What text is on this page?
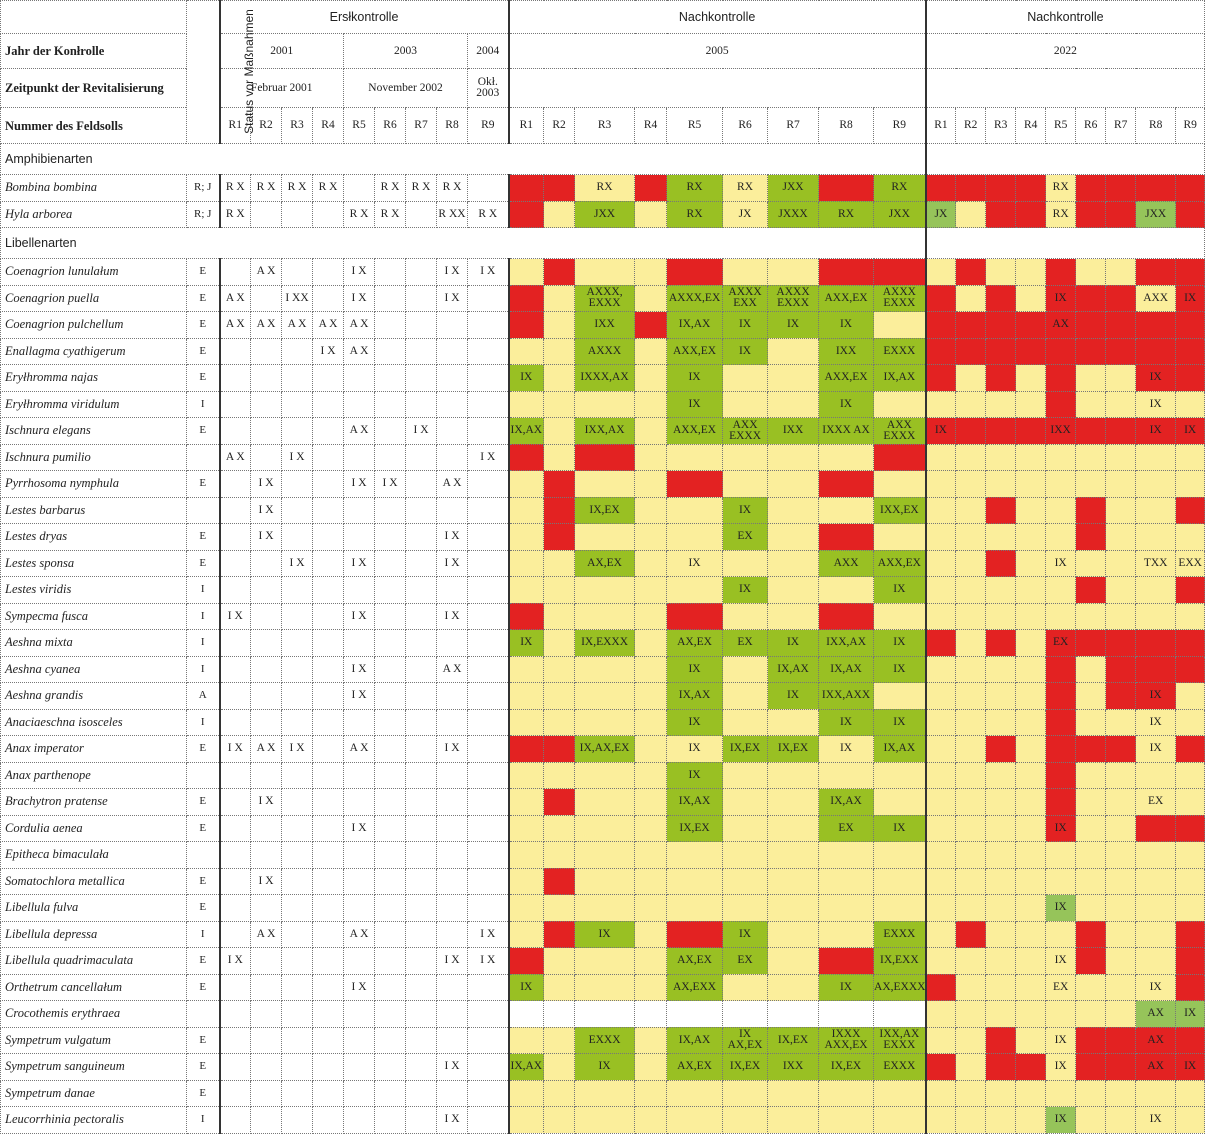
	Status vor Maßnahmen	Ersłkontrolle									Nachkontrolle									Nachkontrolle								
Jahr der Konłrolle		2001				2003				2004	2005									2022								
Zeitpunkt der Revitalisierung		Februar 2001				November 2002				Okł. 2003																		
Nummer des Feldsolls		R1	R2	R3	R4	R5	R6	R7	R8	R9	R1	R2	R3	R4	R5	R6	R7	R8	R9	R1	R2	R3	R4	R5	R6	R7	R8	R9
Amphibienarten																												
Bombina bombina	R; J	R X	R X	R X	R X		R X	R X	R X				RX		RX	RX	JXX		RX					RX				
Hyla arborea	R; J	R X				R X	R X		R XX	R X			JXX		RX	JX	JXXX	RX	JXX	JX				RX			JXX	
Libellenarten																												
Coenagrion lunulałum	E		A X			I X			I X	I X																		
Coenagrion puella	E	A X		I XX		I X			I X				AXXX, EXXX		AXXX,EX	AXXX EXX	AXXX EXXX	AXX,EX	AXXX EXXX					IX			AXX	IX
Coenagrion pulchellum	E	A X	A X	A X	A X	A X							IXX		IX,AX	IX	IX	IX						AX				
Enallagma cyathigerum	E				I X	A X							AXXX		AXX,EX	IX		IXX	EXXX									
Eryłhromma najas	E										IX		IXXX,AX		IX			AXX,EX	IX,AX								IX	
Eryłhromma viridulum	I														IX			IX									IX	
Ischnura elegans	E					A X		I X			IX,AX		IXX,AX		AXX,EX	AXX EXXX	IXX	IXXX AX	AXX EXXX	IX				IXX			IX	IX
Ischnura pumilio		A X		I X						I X																		
Pyrrhosoma nymphula	E		I X			I X	I X		A X																			
Lestes barbarus			I X										IX,EX			IX			IXX,EX									
Lestes dryas	E		I X						I X							EX												
Lestes sponsa	E			I X		I X			I X				AX,EX		IX			AXX	AXX,EX					IX			TXX	EXX
Lestes viridis	I															IX			IX									
Sympecma fusca	I	I X				I X			I X																			
Aeshna mixta	I										IX		IX,EXXX		AX,EX	EX	IX	IXX,AX	IX					EX				
Aeshna cyanea	I					I X			A X						IX		IX,AX	IX,AX	IX									
Aeshna grandis	A					I X									IX,AX		IX	IXX,AXX									IX	
Anaciaeschna isosceles	I														IX			IX	IX								IX	
Anax imperator	E	I X	A X	I X		A X			I X				IX,AX,EX		IX	IX,EX	IX,EX	IX	IX,AX								IX	
Anax parthenope															IX													
Brachytron pratense	E		I X												IX,AX			IX,AX									EX	
Cordulia aenea	E					I X									IX,EX			EX	IX					IX				
Epitheca bimaculała																												
Somatochlora metallica	E		I X																									
Libellula fulva	E																							IX				
Libellula depressa	I		A X			A X				I X			IX			IX			EXXX									
Libellula quadrimaculata	E	I X							I X	I X					AX,EX	EX			IX,EXX					IX				
Orthetrum cancellałum	E					I X					IX				AX,EXX			IX	AX,EXXX					EX			IX	
Crocothemis erythraea																											AX	IX
Sympetrum vulgatum	E												EXXX		IX,AX	IX AX,EX	IX,EX	IXXX AXX,EX	IXX,AX EXXX					IX			AX	
Sympetrum sanguineum	E								I X		IX,AX		IX		AX,EX	IX,EX	IXX	IX,EX	EXXX					IX			AX	IX
Sympetrum danae	E																											
Leucorrhinia pectoralis	I								I X															IX			IX	
